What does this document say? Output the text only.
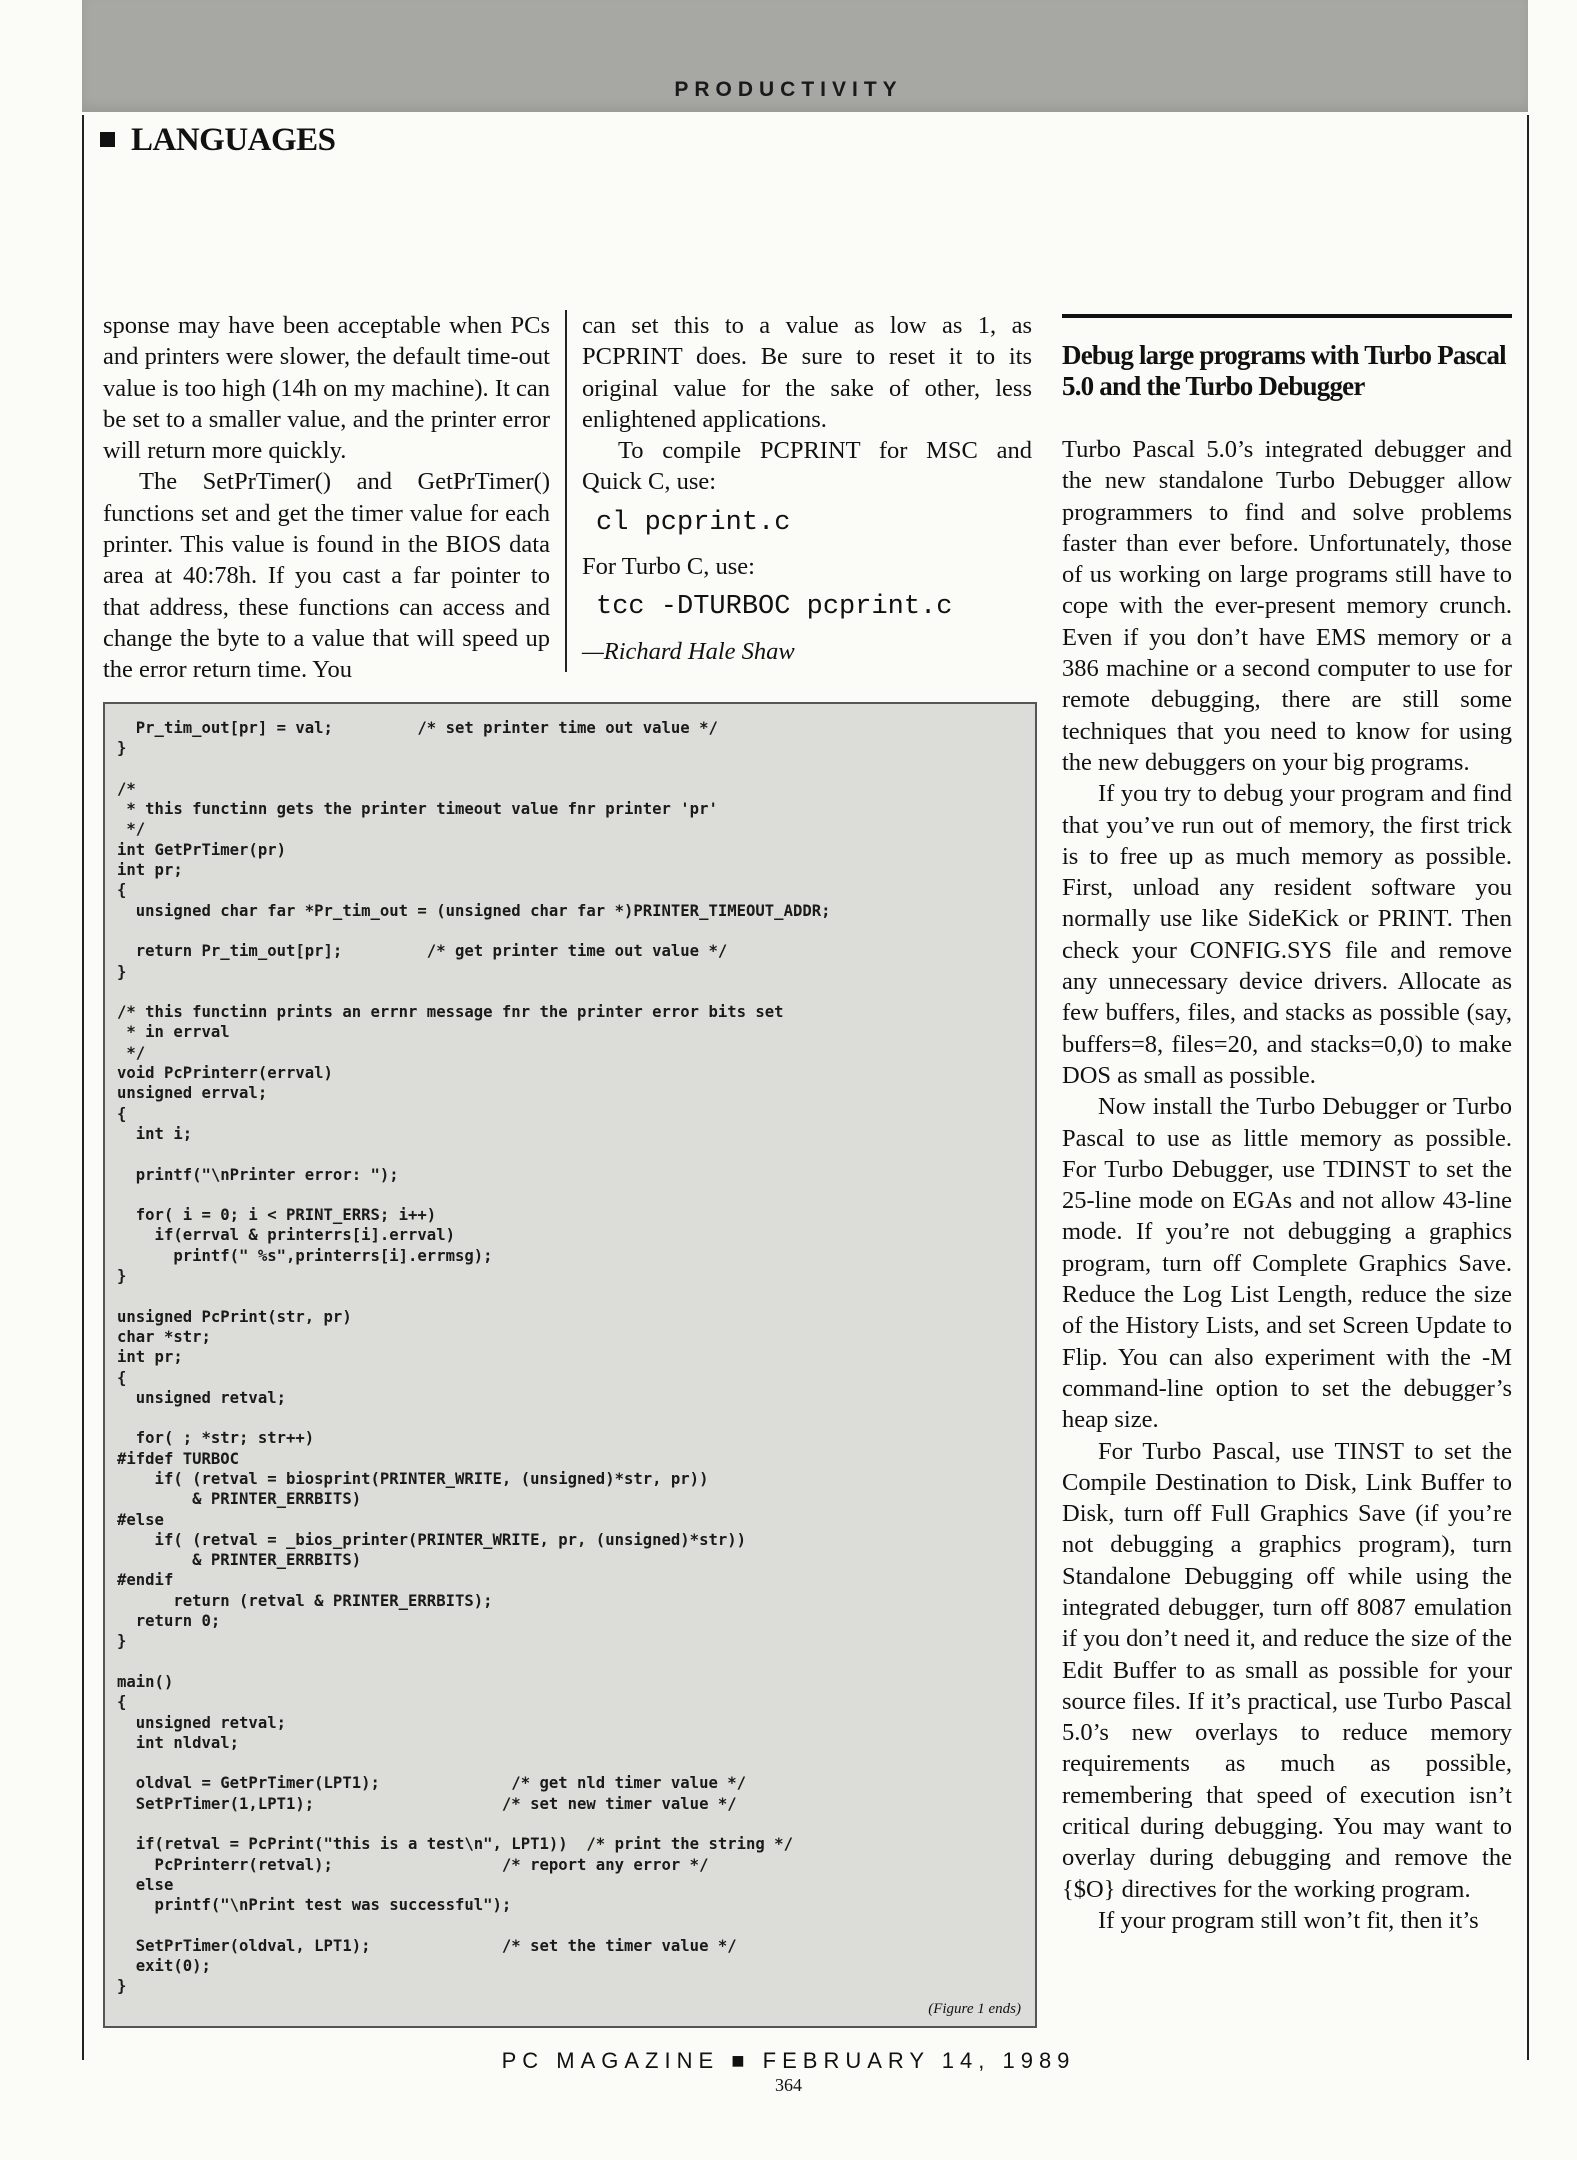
PRODUCTIVITY
LANGUAGES

sponse may have been acceptable when PCs and printers were slower, the default time-out value is too high (14h on my machine). It can be set to a smaller value, and the printer error will return more quickly.

The SetPrTimer() and GetPrTimer() functions set and get the timer value for each printer. This value is found in the BIOS data area at 40:78h. If you cast a far pointer to that address, these functions can access and change the byte to a value that will speed up the error return time. You

can set this to a value as low as 1, as PCPRINT does. Be sure to reset it to its original value for the sake of other, less enlightened applications.

To compile PCPRINT for MSC and Quick C, use:

cl pcprint.c

For Turbo C, use:

tcc -DTURBOC pcprint.c

—Richard Hale Shaw

Pr_tim_out[pr] = val;         /* set printer time out value */
}

/*
* this functinn gets the printer timeout value fnr printer 'pr'
*/
int GetPrTimer(pr)
int pr;
{
unsigned char far *Pr_tim_out = (unsigned char far *)PRINTER_TIMEOUT_ADDR;

return Pr_tim_out[pr];         /* get printer time out value */
}

/* this functinn prints an errnr message fnr the printer error bits set
* in errval
*/
void PcPrinterr(errval)
unsigned errval;
{
int i;

printf("\nPrinter error: ");

for( i = 0; i < PRINT_ERRS; i++)
if(errval & printerrs[i].errval)
printf(" %s",printerrs[i].errmsg);
}

unsigned PcPrint(str, pr)
char *str;
int pr;
{
unsigned retval;

for( ; *str; str++)
#ifdef TURBOC
if( (retval = biosprint(PRINTER_WRITE, (unsigned)*str, pr))
& PRINTER_ERRBITS)
#else
if( (retval = _bios_printer(PRINTER_WRITE, pr, (unsigned)*str))
& PRINTER_ERRBITS)
#endif
return (retval & PRINTER_ERRBITS);
return 0;
}

main()
{
unsigned retval;
int nldval;

oldval = GetPrTimer(LPT1);              /* get nld timer value */
SetPrTimer(1,LPT1);                    /* set new timer value */

if(retval = PcPrint("this is a test\n", LPT1))  /* print the string */
PcPrinterr(retval);                  /* report any error */
else
printf("\nPrint test was successful");

SetPrTimer(oldval, LPT1);              /* set the timer value */
exit(0);
}
(Figure 1 ends)
Debug large programs with Turbo Pascal 5.0 and the Turbo Debugger

Turbo Pascal 5.0’s integrated debugger and the new standalone Turbo Debugger allow programmers to find and solve problems faster than ever before. Unfortunately, those of us working on large programs still have to cope with the ever-present memory crunch. Even if you don’t have EMS memory or a 386 machine or a second computer to use for remote debugging, there are still some techniques that you need to know for using the new debuggers on your big programs.

If you try to debug your program and find that you’ve run out of memory, the first trick is to free up as much memory as possible. First, unload any resident software you normally use like SideKick or PRINT. Then check your CONFIG.SYS file and remove any unnecessary device drivers. Allocate as few buffers, files, and stacks as possible (say, buffers=8, files=20, and stacks=0,0) to make DOS as small as possible.

Now install the Turbo Debugger or Turbo Pascal to use as little memory as possible. For Turbo Debugger, use TDINST to set the 25-line mode on EGAs and not allow 43-line mode. If you’re not debugging a graphics program, turn off Complete Graphics Save. Reduce the Log List Length, reduce the size of the History Lists, and set Screen Update to Flip. You can also experiment with the -M command-line option to set the debugger’s heap size.

For Turbo Pascal, use TINST to set the Compile Destination to Disk, Link Buffer to Disk, turn off Full Graphics Save (if you’re not debugging a graphics program), turn Standalone Debugging off while using the integrated debugger, turn off 8087 emulation if you don’t need it, and reduce the size of the Edit Buffer to as small as possible for your source files. If it’s practical, use Turbo Pascal 5.0’s new overlays to reduce memory requirements as much as possible, remembering that speed of execution isn’t critical during debugging. You may want to overlay during debugging and remove the {$O} directives for the working program.

If your program still won’t fit, then it’s

PC MAGAZINE ■ FEBRUARY 14, 1989
364
